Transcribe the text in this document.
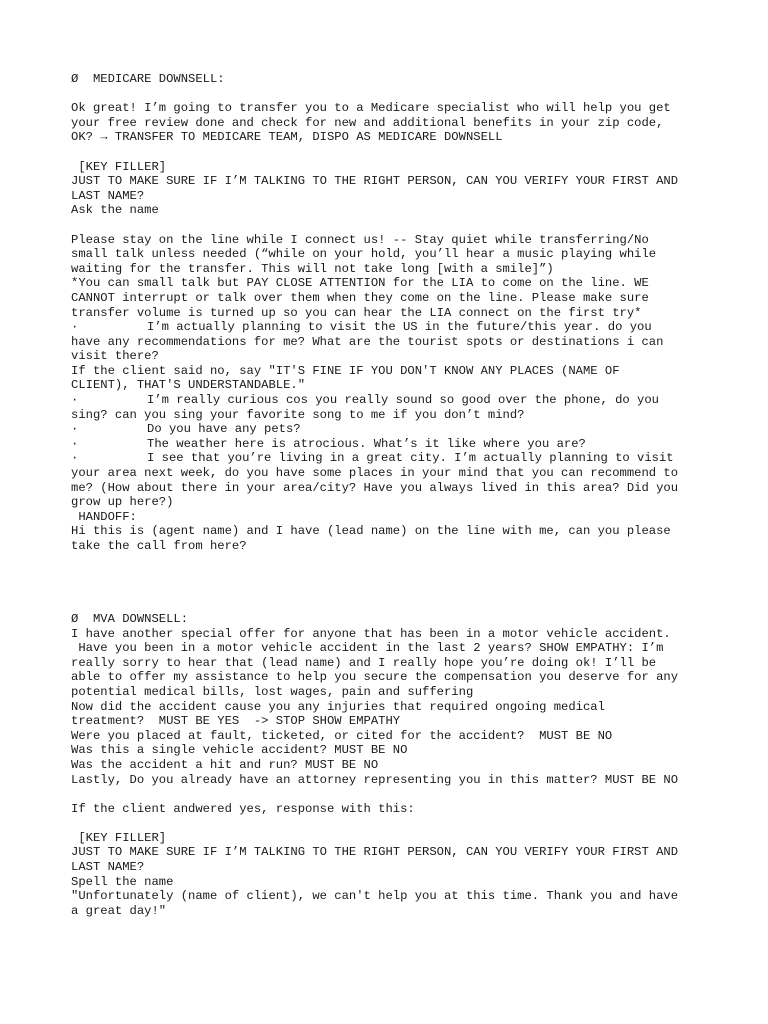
Ø  MEDICARE DOWNSELL:
Ok great! I’m going to transfer you to a Medicare specialist who will help you get
your free review done and check for new and additional benefits in your zip code,
OK? → TRANSFER TO MEDICARE TEAM, DISPO AS MEDICARE DOWNSELL
[KEY FILLER]
JUST TO MAKE SURE IF I’M TALKING TO THE RIGHT PERSON, CAN YOU VERIFY YOUR FIRST AND
LAST NAME?
Ask the name
Please stay on the line while I connect us! -- Stay quiet while transferring/No
small talk unless needed (“while on your hold, you’ll hear a music playing while
waiting for the transfer. This will not take long [with a smile]”)
*You can small talk but PAY CLOSE ATTENTION for the LIA to come on the line. WE
CANNOT interrupt or talk over them when they come on the line. Please make sure
transfer volume is turned up so you can hear the LIA connect on the first try*
·	I’m actually planning to visit the US in the future/this year. do you
have any recommendations for me? What are the tourist spots or destinations i can
visit there?
If the client said no, say "IT'S FINE IF YOU DON'T KNOW ANY PLACES (NAME OF
CLIENT), THAT'S UNDERSTANDABLE."
·	I’m really curious cos you really sound so good over the phone, do you
sing? can you sing your favorite song to me if you don’t mind?
·	Do you have any pets?
·	The weather here is atrocious. What’s it like where you are?
·	I see that you’re living in a great city. I’m actually planning to visit
your area next week, do you have some places in your mind that you can recommend to
me? (How about there in your area/city? Have you always lived in this area? Did you
grow up here?)
HANDOFF:
Hi this is (agent name) and I have (lead name) on the line with me, can you please
take the call from here?
Ø  MVA DOWNSELL:
I have another special offer for anyone that has been in a motor vehicle accident.
Have you been in a motor vehicle accident in the last 2 years? SHOW EMPATHY: I’m
really sorry to hear that (lead name) and I really hope you’re doing ok! I’ll be
able to offer my assistance to help you secure the compensation you deserve for any
potential medical bills, lost wages, pain and suffering
Now did the accident cause you any injuries that required ongoing medical
treatment?  MUST BE YES  -> STOP SHOW EMPATHY
Were you placed at fault, ticketed, or cited for the accident?  MUST BE NO
Was this a single vehicle accident? MUST BE NO
Was the accident a hit and run? MUST BE NO
Lastly, Do you already have an attorney representing you in this matter? MUST BE NO
If the client andwered yes, response with this:
[KEY FILLER]
JUST TO MAKE SURE IF I’M TALKING TO THE RIGHT PERSON, CAN YOU VERIFY YOUR FIRST AND
LAST NAME?
Spell the name
"Unfortunately (name of client), we can't help you at this time. Thank you and have
a great day!"
